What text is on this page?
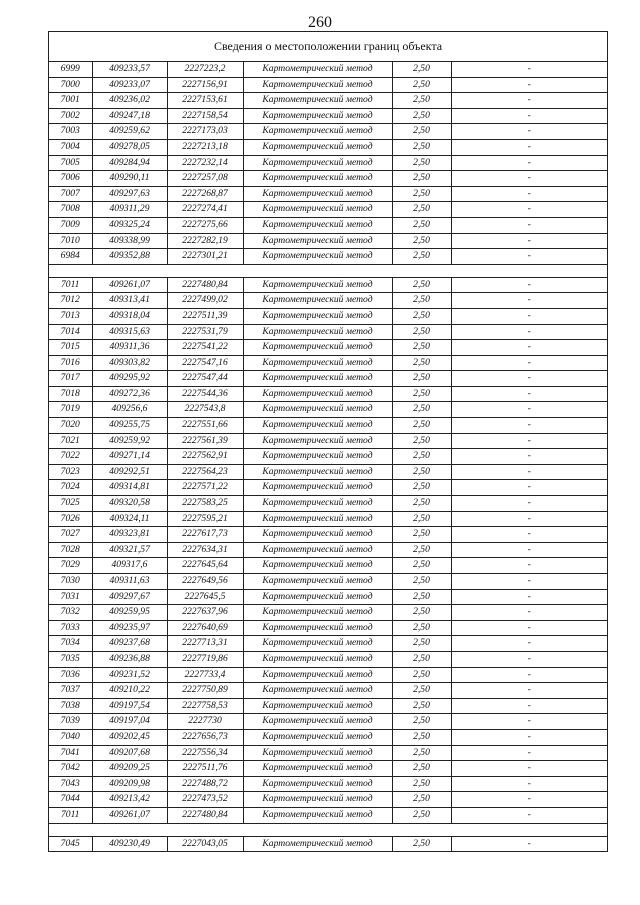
260
Сведения о местоположении границ объекта
6999	409233,57	2227223,2	Картометрический метод	2,50	-
7000	409233,07	2227156,91	Картометрический метод	2,50	-
7001	409236,02	2227153,61	Картометрический метод	2,50	-
7002	409247,18	2227158,54	Картометрический метод	2,50	-
7003	409259,62	2227173,03	Картометрический метод	2,50	-
7004	409278,05	2227213,18	Картометрический метод	2,50	-
7005	409284,94	2227232,14	Картометрический метод	2,50	-
7006	409290,11	2227257,08	Картометрический метод	2,50	-
7007	409297,63	2227268,87	Картометрический метод	2,50	-
7008	409311,29	2227274,41	Картометрический метод	2,50	-
7009	409325,24	2227275,66	Картометрический метод	2,50	-
7010	409338,99	2227282,19	Картометрический метод	2,50	-
6984	409352,88	2227301,21	Картометрический метод	2,50	-

7011	409261,07	2227480,84	Картометрический метод	2,50	-
7012	409313,41	2227499,02	Картометрический метод	2,50	-
7013	409318,04	2227511,39	Картометрический метод	2,50	-
7014	409315,63	2227531,79	Картометрический метод	2,50	-
7015	409311,36	2227541,22	Картометрический метод	2,50	-
7016	409303,82	2227547,16	Картометрический метод	2,50	-
7017	409295,92	2227547,44	Картометрический метод	2,50	-
7018	409272,36	2227544,36	Картометрический метод	2,50	-
7019	409256,6	2227543,8	Картометрический метод	2,50	-
7020	409255,75	2227551,66	Картометрический метод	2,50	-
7021	409259,92	2227561,39	Картометрический метод	2,50	-
7022	409271,14	2227562,91	Картометрический метод	2,50	-
7023	409292,51	2227564,23	Картометрический метод	2,50	-
7024	409314,81	2227571,22	Картометрический метод	2,50	-
7025	409320,58	2227583,25	Картометрический метод	2,50	-
7026	409324,11	2227595,21	Картометрический метод	2,50	-
7027	409323,81	2227617,73	Картометрический метод	2,50	-
7028	409321,57	2227634,31	Картометрический метод	2,50	-
7029	409317,6	2227645,64	Картометрический метод	2,50	-
7030	409311,63	2227649,56	Картометрический метод	2,50	-
7031	409297,67	2227645,5	Картометрический метод	2,50	-
7032	409259,95	2227637,96	Картометрический метод	2,50	-
7033	409235,97	2227640,69	Картометрический метод	2,50	-
7034	409237,68	2227713,31	Картометрический метод	2,50	-
7035	409236,88	2227719,86	Картометрический метод	2,50	-
7036	409231,52	2227733,4	Картометрический метод	2,50	-
7037	409210,22	2227750,89	Картометрический метод	2,50	-
7038	409197,54	2227758,53	Картометрический метод	2,50	-
7039	409197,04	2227730	Картометрический метод	2,50	-
7040	409202,45	2227656,73	Картометрический метод	2,50	-
7041	409207,68	2227556,34	Картометрический метод	2,50	-
7042	409209,25	2227511,76	Картометрический метод	2,50	-
7043	409209,98	2227488,72	Картометрический метод	2,50	-
7044	409213,42	2227473,52	Картометрический метод	2,50	-
7011	409261,07	2227480,84	Картометрический метод	2,50	-

7045	409230,49	2227043,05	Картометрический метод	2,50	-
